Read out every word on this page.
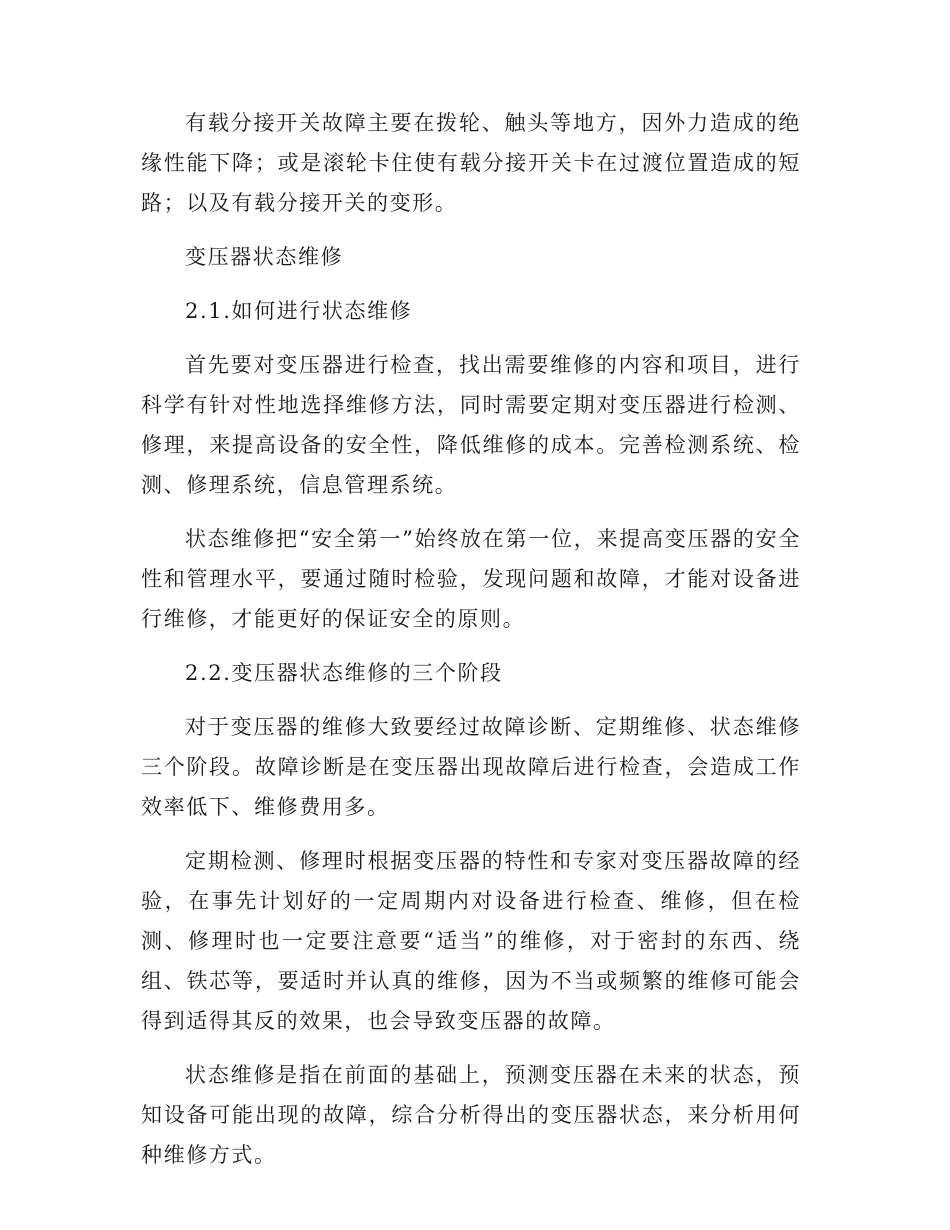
有载分接开关故障主要在拨轮、触头等地方，因外力造成的绝缘性能下降；或是滚轮卡住使有载分接开关卡在过渡位置造成的短路；以及有载分接开关的变形。

变压器状态维修

2.1.如何进行状态维修

首先要对变压器进行检查，找出需要维修的内容和项目，进行科学有针对性地选择维修方法，同时需要定期对变压器进行检测、修理，来提高设备的安全性，降低维修的成本。完善检测系统、检测、修理系统，信息管理系统。

状态维修把“安全第一”始终放在第一位，来提高变压器的安全性和管理水平，要通过随时检验，发现问题和故障，才能对设备进行维修，才能更好的保证安全的原则。

2.2.变压器状态维修的三个阶段

对于变压器的维修大致要经过故障诊断、定期维修、状态维修三个阶段。故障诊断是在变压器出现故障后进行检查，会造成工作效率低下、维修费用多。

定期检测、修理时根据变压器的特性和专家对变压器故障的经验，在事先计划好的一定周期内对设备进行检查、维修，但在检测、修理时也一定要注意要“适当”的维修，对于密封的东西、绕组、铁芯等，要适时并认真的维修，因为不当或频繁的维修可能会得到适得其反的效果，也会导致变压器的故障。

状态维修是指在前面的基础上，预测变压器在未来的状态，预知设备可能出现的故障，综合分析得出的变压器状态，来分析用何种维修方式。
